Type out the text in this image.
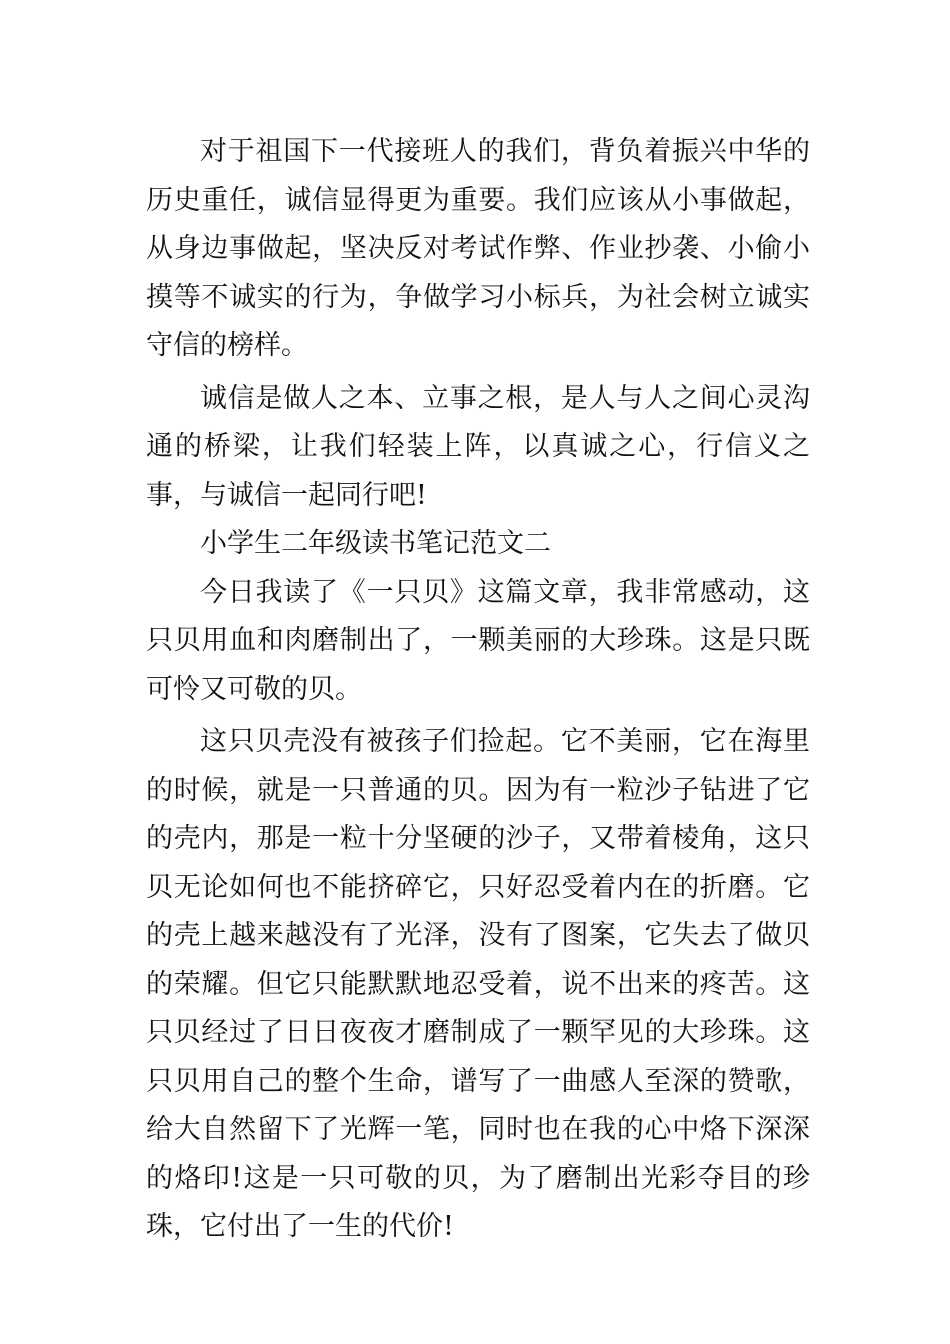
对于祖国下一代接班人的我们，背负着振兴中华的历史重任，诚信显得更为重要。我们应该从小事做起，从身边事做起，坚决反对考试作弊、作业抄袭、小偷小摸等不诚实的行为，争做学习小标兵，为社会树立诚实守信的榜样。

诚信是做人之本、立事之根，是人与人之间心灵沟通的桥梁，让我们轻装上阵，以真诚之心，行信义之事，与诚信一起同行吧!

小学生二年级读书笔记范文二

今日我读了《一只贝》这篇文章，我非常感动，这只贝用血和肉磨制出了，一颗美丽的大珍珠。这是只既可怜又可敬的贝。

这只贝壳没有被孩子们捡起。它不美丽，它在海里的时候，就是一只普通的贝。因为有一粒沙子钻进了它的壳内，那是一粒十分坚硬的沙子，又带着棱角，这只贝无论如何也不能挤碎它，只好忍受着内在的折磨。它的壳上越来越没有了光泽，没有了图案，它失去了做贝的荣耀。但它只能默默地忍受着，说不出来的疼苦。这只贝经过了日日夜夜才磨制成了一颗罕见的大珍珠。这只贝用自己的整个生命，谱写了一曲感人至深的赞歌，给大自然留下了光辉一笔，同时也在我的心中烙下深深的烙印!这是一只可敬的贝，为了磨制出光彩夺目的珍珠，它付出了一生的代价!
